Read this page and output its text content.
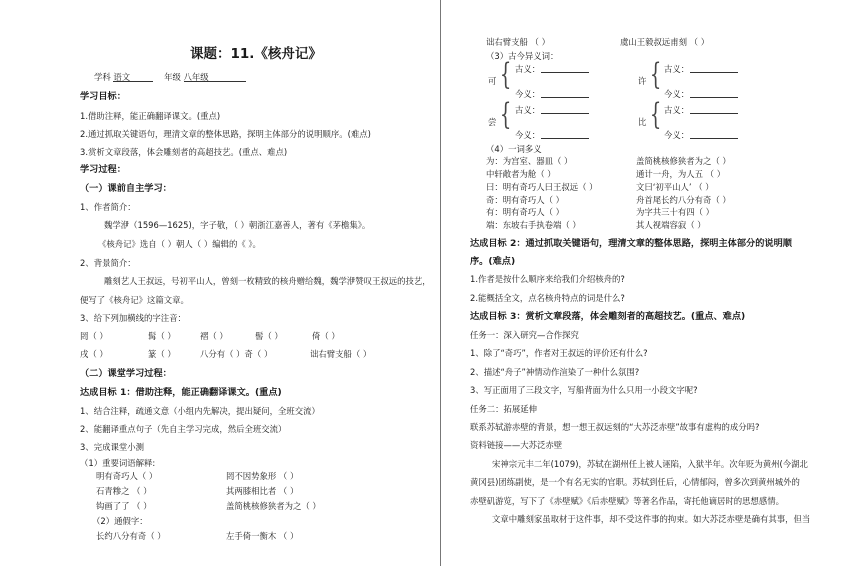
课题：11.《核舟记》
学科 语文	年级 八年级
学习目标：
1.借助注释，能正确翻译课文。(重点)
2.通过抓取关键语句，理清文章的整体思路，探明主体部分的说明顺序。(难点)
3.赏析文章段落，体会雕刻者的高超技艺。(重点、难点)
学习过程：
（一）课前自主学习：
1、作者简介：
魏学洢（1596—1625)，字子敬，（ ）朝浙江嘉善人，著有《茅檐集》。
《核舟记》选自（ ）朝人（ ）编辑的《 》。
2、背景简介：
雕刻艺人王叔远，号初平山人，曾刻一枚精致的核舟赠给魏，魏学洢赞叹王叔远的技艺，
便写了《核舟记》这篇文章。
3、给下列加横线的字注音：
罔（ ）	髯（ ）	褶（ ）	髻（ ）	倚（ ）
戌（ ）	篆（ ）	八分有（ ）奇（ ）	诎右臂支船（ ）
（二）课堂学习过程：
达成目标 1：借助注释，能正确翻译课文。(重点)
1、结合注释，疏通文意（小组内先解决，提出疑问，全班交流）
2、能翻译重点句子（先自主学习完成，然后全班交流）
3、完成课堂小测
（1）重要词语解释:
明有奇巧人（ ）	罔不因势象形 （ ）
石青糁之 （ ）	其两膝相比者 （ ）
钩画了了 （ ）	盖简桃核修狭者为之（ ）
（2）通假字：
长约八分有奇（ ）	左手倚一衡木 （ ）
诎右臂支船 （ ）	虞山王毅叔远甫刻 （ ）
（3）古今异义词：
可 { 古义：
今义：
许 { 古义：
今义：
尝 { 古义：
今义：
比 { 古义：
今义：
（4）一词多义
为：为宫室、器皿（ ）	盖简桃核修狭者为之（ ）
中轩敞者为舱（ ）	通计一舟，为人五 （ ）
曰：明有奇巧人曰王叔远（ ）	文曰‘初平山人’ （ ）
奇：明有奇巧人（ ）	舟首尾长约八分有奇（ ）
有：明有奇巧人（ ）	为字共三十有四（ ）
端：东坡右手执卷端（ ）	其人视端容寂（ ）
达成目标 2：通过抓取关键语句，理清文章的整体思路，探明主体部分的说明顺
序。(难点)
1.作者是按什么顺序来给我们介绍核舟的?
2.能概括全文，点名核舟特点的词是什么?
达成目标 3：赏析文章段落，体会雕刻者的高超技艺。(重点、难点)
任务一：深入研究—合作探究
1、除了“奇巧”，作者对王叔远的评价还有什么?
2、描述“舟子”神情动作渲染了一种什么氛围?
3、写正面用了三段文字，写船背面为什么只用一小段文字呢?
任务二：拓展延伸
联系苏轼游赤壁的背景，想一想王叔远刻的“大苏泛赤壁”故事有虚构的成分吗?
资料链接——大苏泛赤壁
宋神宗元丰二年(1079)，苏轼在湖州任上被人诬陷，入狱半年。次年贬为黄州(今湖北
黄冈县)团练副使，是一个有名无实的官职。苏轼到任后，心情郁闷，曾多次到黄州城外的
赤壁矶游览，写下了《赤壁赋》《后赤壁赋》等著名作品，寄托他谪居时的思想感情。
文章中雕刻家虽取材于这件事，却不受这件事的拘束。如大苏泛赤壁是确有其事，但当
